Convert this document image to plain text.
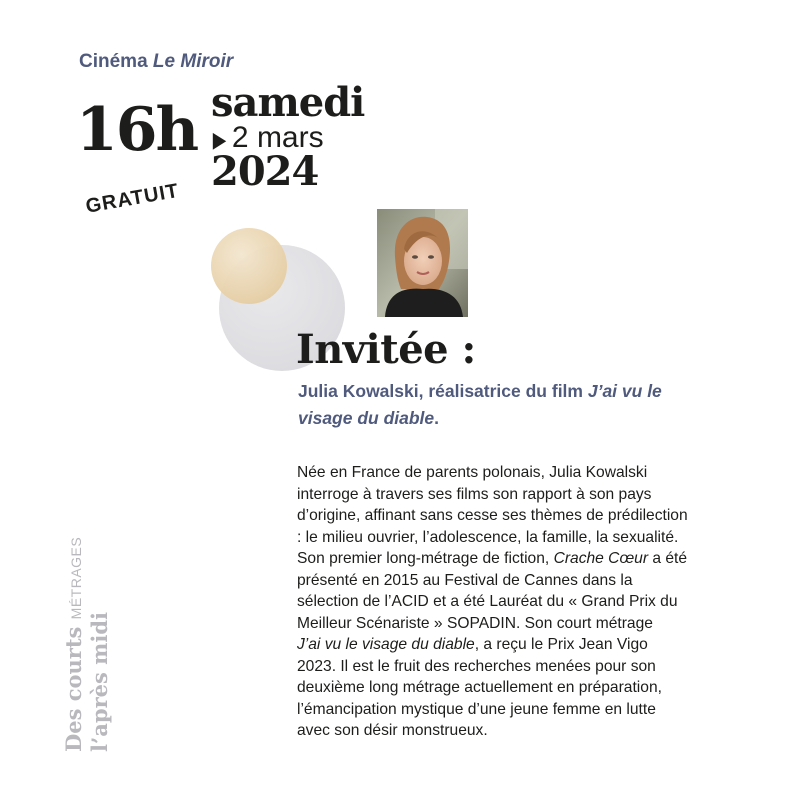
Cinéma Le Miroir
16h samedi
▶ 2 mars
2024
GRATUIT
Invitée :
Julia Kowalski, réalisatrice du film J’ai vu le visage du diable.
Née en France de parents polonais, Julia Kowalski interroge à travers ses films son rapport à son pays d’origine, affinant sans cesse ses thèmes de prédilection : le milieu ouvrier, l’adolescence, la famille, la sexualité. Son premier long-métrage de fiction, Crache Cœur a été présenté en 2015 au Festival de Cannes dans la sélection de l’ACID et a été Lauréat du « Grand Prix du Meilleur Scénariste » SOPADIN. Son court métrage
J’ai vu le visage du diable, a reçu le Prix Jean Vigo 2023. Il est le fruit des recherches menées pour son deuxième long métrage actuellement en préparation, l’émancipation mystique d’une jeune femme en lutte avec son désir monstrueux.
Des courts MÉTRAGES
l’après midi
